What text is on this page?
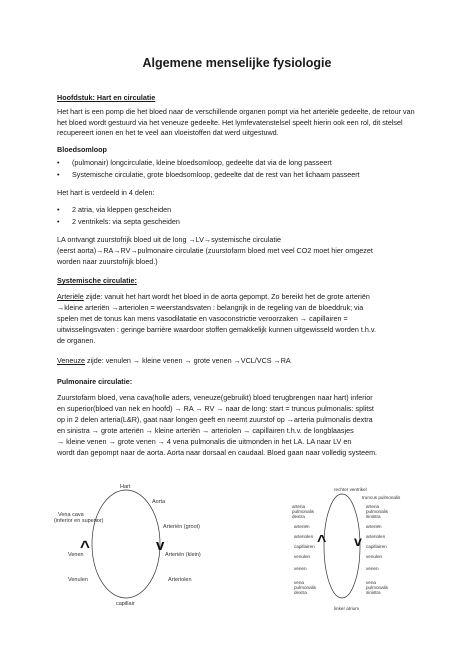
Algemene menselijke fysiologie
Hoofdstuk: Hart en circulatie
Het hart is een pomp die het bloed naar de verschillende organen pompt via het arteriële gedeelte, de retour van het bloed wordt gestuurd via het veneuze gedeelte. Het lymfevatenstelsel speelt hierin ook een rol, dit stelsel recupereert ionen en het te veel aan vloeistoffen dat werd uitgestuwd.
Bloedsomloop
• (pulmonair) longcirculatie, kleine bloedsomloop, gedeelte dat via de long passeert
• Systemische circulatie, grote bloedsomloop, gedeelte dat de rest van het lichaam passeert
Het hart is verdeeld in 4 delen:
• 2 atria, via kleppen gescheiden
• 2 ventrikels: via septa gescheiden
LA ontvangt zuurstofrijk bloed uit de long →LV→systemische circulatie
(eerst aorta)→RA→RV→pulmonaire circulatie (zuurstofarm bloed met veel CO2 moet hier omgezet
worden naar zuurstofrijk bloed.)
Systemische circulatie:
Arteriële zijde: vanuit het hart wordt het bloed in de aorta gepompt. Zo bereikt het de grote arteriën
→kleine arteriën →arteriolen = weerstandsvaten : belangrijk in de regeling van de bloeddruk; via
spelen met de tonus kan mens vasodilatatie en vasoconstrictie veroorzaken → capillairen =
uitwisselingsvaten : geringe barrière waardoor stoffen gemakkelijk kunnen uitgewisseld worden t.h.v.
de organen.
Veneuze zijde: venulen → kleine venen → grote venen →VCL/VCS →RA
Pulmonaire circulatie:
Zuurstofarm bloed, vena cava(holle aders, veneuze(gebruikt) bloed terugbrengen naar hart) inferior
en superior(bloed van nek en hoofd) → RA → RV → naar de long: start = truncus pulmonalis: splitst
op in 2 delen arteria(L&R), gaat naar longen geeft en neemt zuurstof op →arteria pulmonalis dextra
en sinistra → grote arteriën → kleine arteriën → arteriolen → capillairen t.h.v. de longblaasjes
→ kleine venen → grote venen → 4 vena pulmonalis die uitmonden in het LA. LA naar LV en
wordt dan gepompt naar de aorta. Aorta naar dorsaal en caudaal. Bloed gaan naar volledig systeem.
Hart
Aorta
Vena cava
(inferior en superior)
Arteriën (groot)
Venen	Arteriën (klein)
Venulen	Arteriolen
capillair
^	v
rechter ventrikel
truncus pulmonalis
arteria pulmonalis dextra
arteria pulmonalis sinistra
arteriën	arteriën
arteriolen	arteriolen
capillairen	capillairen
venulen	venulen
venen	venen
vena pulmonalis dextra
vena pulmonalis sinistra
linker atrium
^ v
